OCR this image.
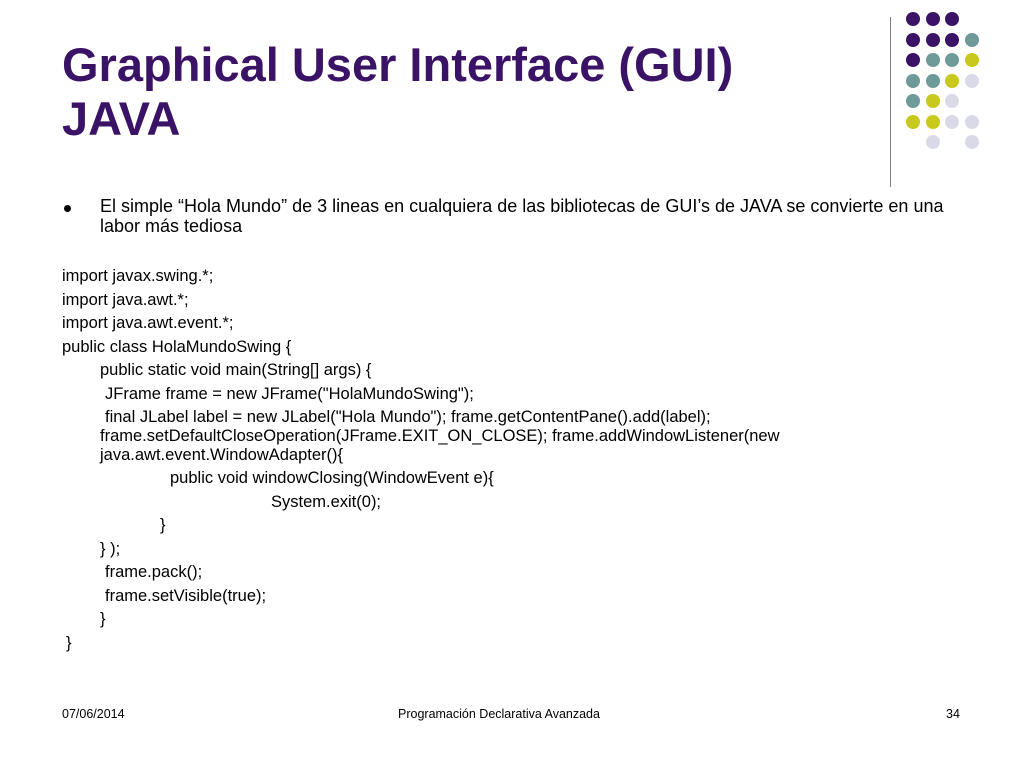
Graphical User Interface (GUI)
JAVA
El simple “Hola Mundo” de 3 lineas en cualquiera de las bibliotecas de GUI’s de JAVA se convierte en una labor más tediosa
import javax.swing.*;
import java.awt.*;
import java.awt.event.*;
public class HolaMundoSwing {
public static void main(String[] args) {
JFrame frame = new JFrame("HolaMundoSwing");
final JLabel label = new JLabel("Hola Mundo"); frame.getContentPane().add(label); frame.setDefaultCloseOperation(JFrame.EXIT_ON_CLOSE); frame.addWindowListener(new java.awt.event.WindowAdapter(){
public void windowClosing(WindowEvent e){
System.exit(0);
}
} );
frame.pack();
frame.setVisible(true);
}
}
07/06/2014	Programación Declarativa Avanzada	34
